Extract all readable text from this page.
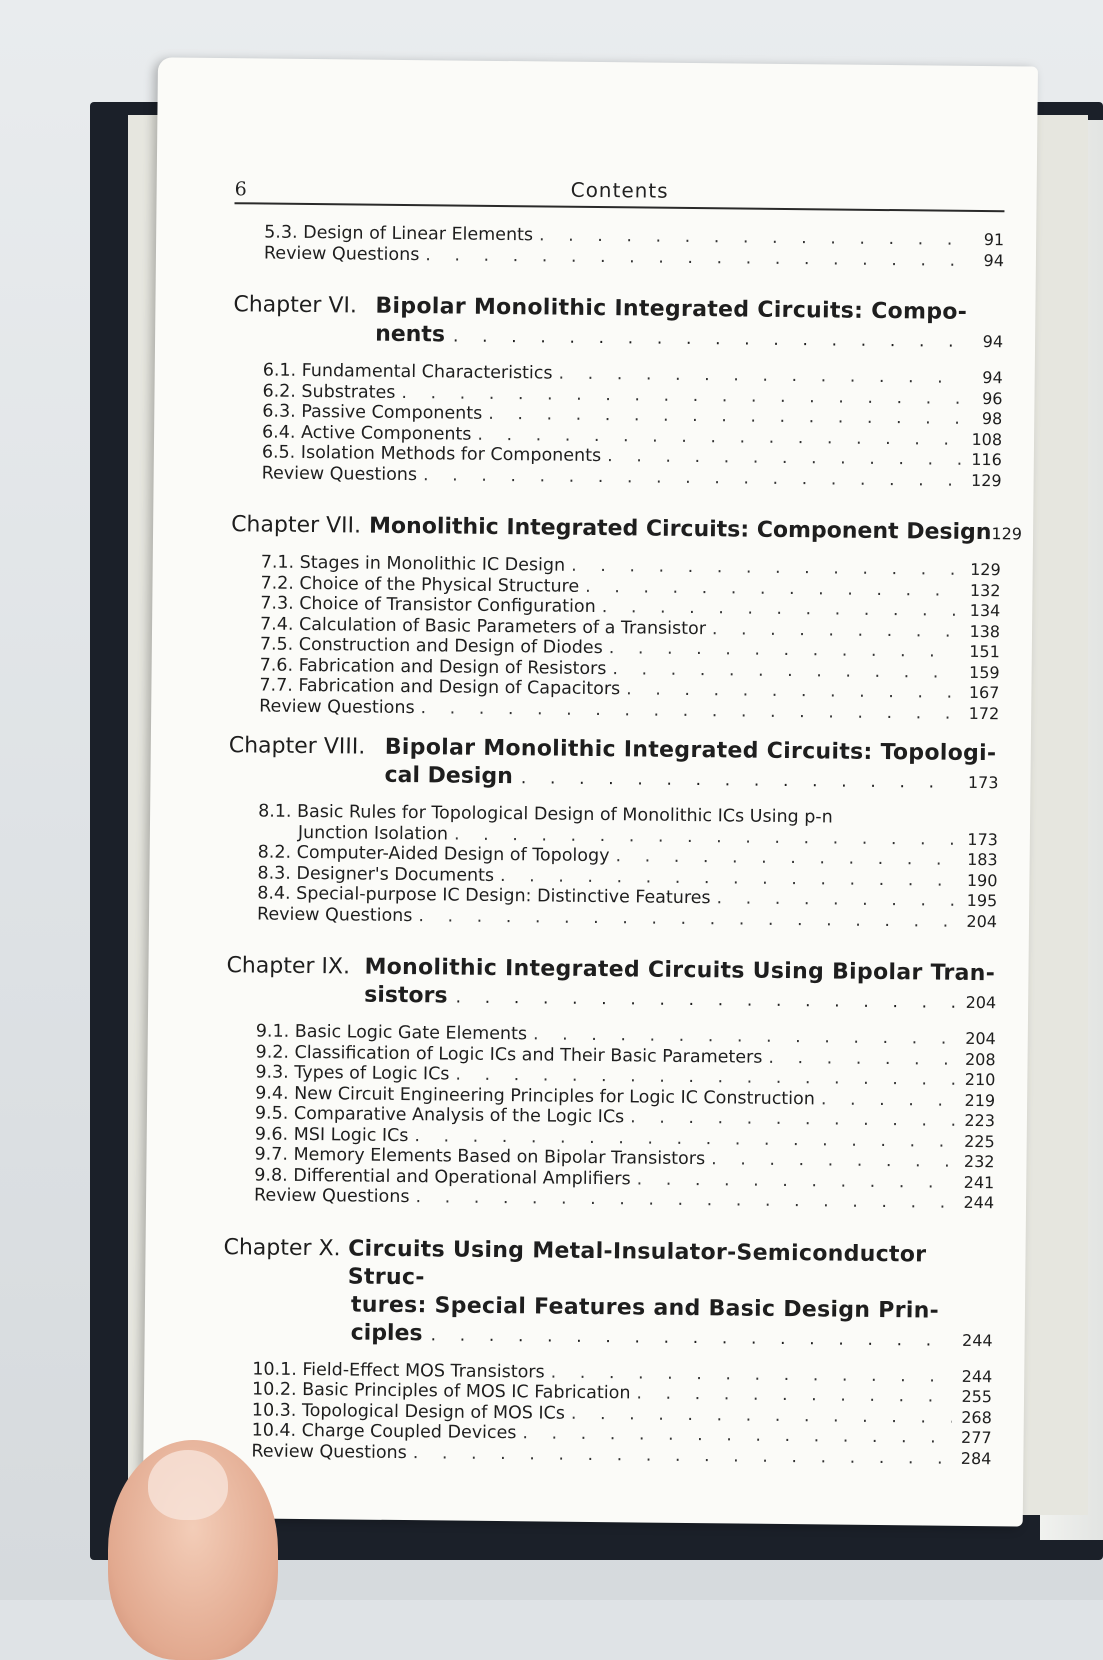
6	Contents
5.3. Design of Linear Elements . . .	91
Review Questions . . .	94
Chapter VI. Bipolar Monolithic Integrated Circuits: Compo-
nents . . .	94
6.1. Fundamental Characteristics . . .	94
6.2. Substrates . . .	96
6.3. Passive Components . . .	98
6.4. Active Components . . .	108
6.5. Isolation Methods for Components . . .	116
Review Questions . . .	129
Chapter VII. Monolithic Integrated Circuits: Component Design 129
7.1. Stages in Monolithic IC Design . . .	129
7.2. Choice of the Physical Structure . . .	132
7.3. Choice of Transistor Configuration . . .	134
7.4. Calculation of Basic Parameters of a Transistor . . .	138
7.5. Construction and Design of Diodes . . .	151
7.6. Fabrication and Design of Resistors . . .	159
7.7. Fabrication and Design of Capacitors . . .	167
Review Questions . . .	172
Chapter VIII. Bipolar Monolithic Integrated Circuits: Topologi-
cal Design . . .	173
8.1. Basic Rules for Topological Design of Monolithic ICs Using p-n
Junction Isolation . . .	173
8.2. Computer-Aided Design of Topology . . .	183
8.3. Designer's Documents . . .	190
8.4. Special-purpose IC Design: Distinctive Features . . .	195
Review Questions . . .	204
Chapter IX. Monolithic Integrated Circuits Using Bipolar Tran-
sistors . . .	204
9.1. Basic Logic Gate Elements . . .	204
9.2. Classification of Logic ICs and Their Basic Parameters . . .	208
9.3. Types of Logic ICs . . .	210
9.4. New Circuit Engineering Principles for Logic IC Construction . . .	219
9.5. Comparative Analysis of the Logic ICs . . .	223
9.6. MSI Logic ICs . . .	225
9.7. Memory Elements Based on Bipolar Transistors . . .	232
9.8. Differential and Operational Amplifiers . . .	241
Review Questions . . .	244
Chapter X. Circuits Using Metal-Insulator-Semiconductor Struc-
tures: Special Features and Basic Design Prin-
ciples . . .	244
10.1. Field-Effect MOS Transistors . . .	244
10.2. Basic Principles of MOS IC Fabrication . . .	255
10.3. Topological Design of MOS ICs . . .	268
10.4. Charge Coupled Devices . . .	277
Review Questions . . .	284
